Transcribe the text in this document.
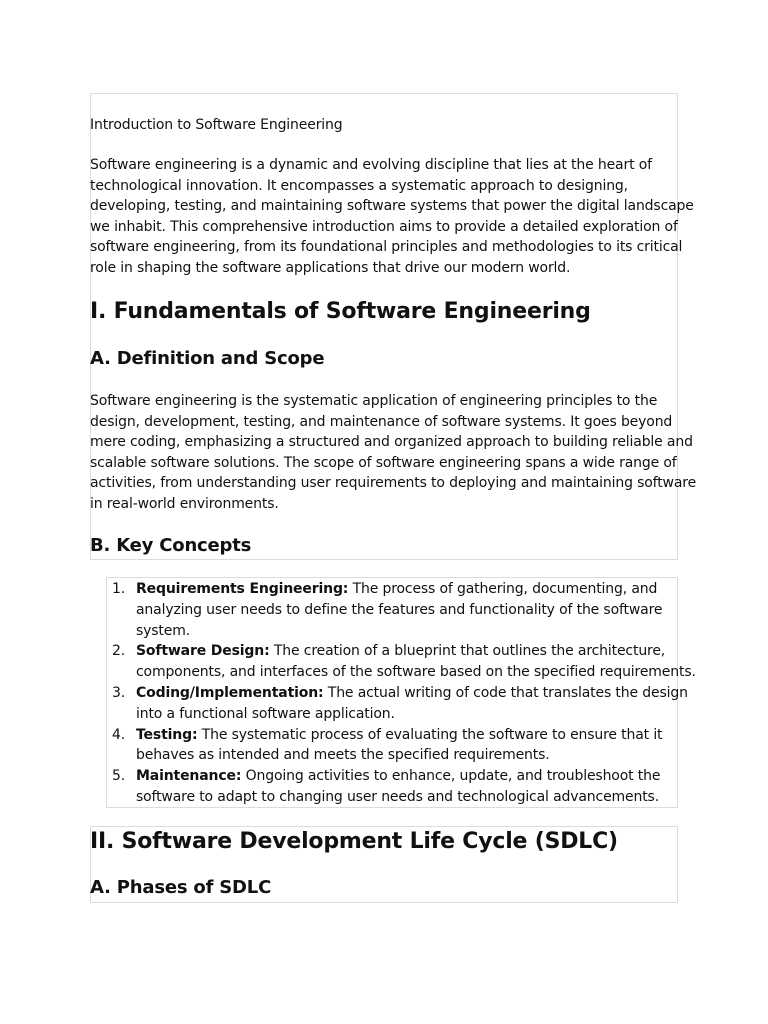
Introduction to Software Engineering
Software engineering is a dynamic and evolving discipline that lies at the heart of
technological innovation. It encompasses a systematic approach to designing,
developing, testing, and maintaining software systems that power the digital landscape
we inhabit. This comprehensive introduction aims to provide a detailed exploration of
software engineering, from its foundational principles and methodologies to its critical
role in shaping the software applications that drive our modern world.
I. Fundamentals of Software Engineering
A. Definition and Scope
Software engineering is the systematic application of engineering principles to the
design, development, testing, and maintenance of software systems. It goes beyond
mere coding, emphasizing a structured and organized approach to building reliable and
scalable software solutions. The scope of software engineering spans a wide range of
activities, from understanding user requirements to deploying and maintaining software
in real-world environments.
B. Key Concepts
1. Requirements Engineering: The process of gathering, documenting, and
analyzing user needs to define the features and functionality of the software
system.
2. Software Design: The creation of a blueprint that outlines the architecture,
components, and interfaces of the software based on the specified requirements.
3. Coding/Implementation: The actual writing of code that translates the design
into a functional software application.
4. Testing: The systematic process of evaluating the software to ensure that it
behaves as intended and meets the specified requirements.
5. Maintenance: Ongoing activities to enhance, update, and troubleshoot the
software to adapt to changing user needs and technological advancements.
II. Software Development Life Cycle (SDLC)
A. Phases of SDLC
